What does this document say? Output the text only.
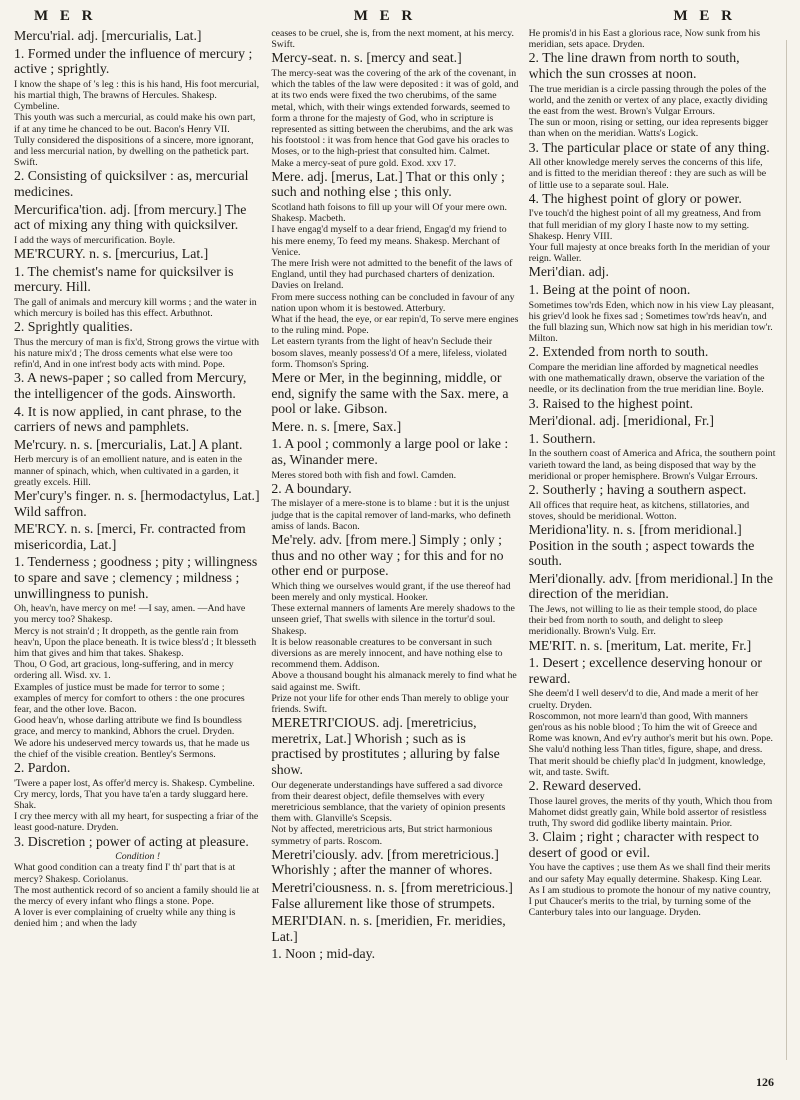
M E R	M E R	M E R
Mercu'rial. adj. [mercurialis, Lat.]
1. Formed under the influence of mercury ; active ; sprightly.
I know the shape of 's leg : this is his hand, His foot mercurial, his martial thigh, The brawns of Hercules. Shakesp. Cymbeline.
This youth was such a mercurial, as could make his own part, if at any time he chanced to be out. Bacon's Henry VII.
Tully considered the dispositions of a sincere, more ignorant, and less mercurial nation, by dwelling on the pathetick part. Swift.
2. Consisting of quicksilver : as, mercurial medicines.
Mercurifica'tion. adj. [from mercury.] The act of mixing any thing with quicksilver.
I add the ways of mercurification. Boyle.
ME'RCURY. n. s. [mercurius, Lat.]
1. The chemist's name for quicksilver is mercury. Hill.
The gall of animals and mercury kill worms ; and the water in which mercury is boiled has this effect. Arbuthnot.
2. Sprightly qualities.
Thus the mercury of man is fix'd, Strong grows the virtue with his nature mix'd ; The dross cements what else were too refin'd, And in one int'rest body acts with mind. Pope.
3. A news-paper ; so called from Mercury, the intelligencer of the gods. Ainsworth.
4. It is now applied, in cant phrase, to the carriers of news and pamphlets.
Me'rcury. n. s. [mercurialis, Lat.] A plant.
Herb mercury is of an emollient nature, and is eaten in the manner of spinach, which, when cultivated in a garden, it greatly excels. Hill.
Mer'cury's finger. n. s. [hermodactylus, Lat.] Wild saffron.
ME'RCY. n. s. [merci, Fr. contracted from misericordia, Lat.]
1. Tenderness ; goodness ; pity ; willingness to spare and save ; clemency ; mildness ; unwillingness to punish.
Oh, heav'n, have mercy on me! —I say, amen. —And have you mercy too? Shakesp.
Mercy is not strain'd ; It droppeth, as the gentle rain from heav'n, Upon the place beneath. It is twice bless'd ; It blesseth him that gives and him that takes. Shakesp.
Thou, O God, art gracious, long-suffering, and in mercy ordering all. Wisd. xv. 1.
Examples of justice must be made for terror to some ; examples of mercy for comfort to others : the one procures fear, and the other love. Bacon.
Good heav'n, whose darling attribute we find Is boundless grace, and mercy to mankind, Abhors the cruel. Dryden.
We adore his undeserved mercy towards us, that he made us the chief of the visible creation. Bentley's Sermons.
2. Pardon.
'Twere a paper lost, As offer'd mercy is. Shakesp. Cymbeline.
Cry mercy, lords, That you have ta'en a tardy sluggard here. Shak.
I cry thee mercy with all my heart, for suspecting a friar of the least good-nature. Dryden.
3. Discretion ; power of acting at pleasure.
Condition !
What good condition can a treaty find I' th' part that is at mercy? Shakesp. Coriolanus.
The most authentick record of so ancient a family should lie at the mercy of every infant who flings a stone. Pope.
A lover is ever complaining of cruelty while any thing is denied him ; and when the lady
ceases to be cruel, she is, from the next moment, at his mercy. Swift.
Mercy-seat. n. s. [mercy and seat.]
The mercy-seat was the covering of the ark of the covenant, in which the tables of the law were deposited : it was of gold, and at its two ends were fixed the two cherubims, of the same metal, which, with their wings extended forwards, seemed to form a throne for the majesty of God, who in scripture is represented as sitting between the cherubims, and the ark was his footstool : it was from hence that God gave his oracles to Moses, or to the high-priest that consulted him. Calmet.
Make a mercy-seat of pure gold. Exod. xxv 17.
Mere. adj. [merus, Lat.] That or this only ; such and nothing else ; this only.
Scotland hath foisons to fill up your will Of your mere own. Shakesp. Macbeth.
I have engag'd myself to a dear friend, Engag'd my friend to his mere enemy, To feed my means. Shakesp. Merchant of Venice.
The mere Irish were not admitted to the benefit of the laws of England, until they had purchased charters of denization. Davies on Ireland.
From mere success nothing can be concluded in favour of any nation upon whom it is bestowed. Atterbury.
What if the head, the eye, or ear repin'd, To serve mere engines to the ruling mind. Pope.
Let eastern tyrants from the light of heav'n Seclude their bosom slaves, meanly possess'd Of a mere, lifeless, violated form. Thomson's Spring.
Mere or Mer, in the beginning, middle, or end, signify the same with the Sax. mere, a pool or lake. Gibson.
Mere. n. s. [mere, Sax.]
1. A pool ; commonly a large pool or lake : as, Winander mere.
Meres stored both with fish and fowl. Camden.
2. A boundary.
The mislayer of a mere-stone is to blame : but it is the unjust judge that is the capital remover of land-marks, who defineth amiss of lands. Bacon.
Me'rely. adv. [from mere.] Simply ; only ; thus and no other way ; for this and for no other end or purpose.
Which thing we ourselves would grant, if the use thereof had been merely and only mystical. Hooker.
These external manners of laments Are merely shadows to the unseen grief, That swells with silence in the tortur'd soul. Shakesp.
It is below reasonable creatures to be conversant in such diversions as are merely innocent, and have nothing else to recommend them. Addison.
Above a thousand bought his almanack merely to find what he said against me. Swift.
Prize not your life for other ends Than merely to oblige your friends. Swift.
MERETRI'CIOUS. adj. [meretricius, meretrix, Lat.] Whorish ; such as is practised by prostitutes ; alluring by false show.
Our degenerate understandings have suffered a sad divorce from their dearest object, defile themselves with every meretricious semblance, that the variety of opinion presents them with. Glanville's Scepsis.
Not by affected, meretricious arts, But strict harmonious symmetry of parts. Roscom.
Meretri'ciously. adv. [from meretricious.] Whorishly ; after the manner of whores.
Meretri'ciousness. n. s. [from meretricious.] False allurement like those of strumpets.
MERI'DIAN. n. s. [meridien, Fr. meridies, Lat.]
1. Noon ; mid-day.
He promis'd in his East a glorious race, Now sunk from his meridian, sets apace. Dryden.
2. The line drawn from north to south, which the sun crosses at noon.
The true meridian is a circle passing through the poles of the world, and the zenith or vertex of any place, exactly dividing the east from the west. Brown's Vulgar Errours.
The sun or moon, rising or setting, our idea represents bigger than when on the meridian. Watts's Logick.
3. The particular place or state of any thing.
All other knowledge merely serves the concerns of this life, and is fitted to the meridian thereof : they are such as will be of little use to a separate soul. Hale.
4. The highest point of glory or power.
I've touch'd the highest point of all my greatness, And from that full meridian of my glory I haste now to my setting. Shakesp. Henry VIII.
Your full majesty at once breaks forth In the meridian of your reign. Waller.
Meri'dian. adj.
1. Being at the point of noon.
Sometimes tow'rds Eden, which now in his view Lay pleasant, his griev'd look he fixes sad ; Sometimes tow'rds heav'n, and the full blazing sun, Which now sat high in his meridian tow'r. Milton.
2. Extended from north to south.
Compare the meridian line afforded by magnetical needles with one mathematically drawn, observe the variation of the needle, or its declination from the true meridian line. Boyle.
3. Raised to the highest point.
Meri'dional. adj. [meridional, Fr.]
1. Southern.
In the southern coast of America and Africa, the southern point varieth toward the land, as being disposed that way by the meridional or proper hemisphere. Brown's Vulgar Errours.
2. Southerly ; having a southern aspect.
All offices that require heat, as kitchens, stillatories, and stoves, should be meridional. Wotton.
Meridiona'lity. n. s. [from meridional.] Position in the south ; aspect towards the south.
Meri'dionally. adv. [from meridional.] In the direction of the meridian.
The Jews, not willing to lie as their temple stood, do place their bed from north to south, and delight to sleep meridionally. Brown's Vulg. Err.
ME'RIT. n. s. [meritum, Lat. merite, Fr.]
1. Desert ; excellence deserving honour or reward.
She deem'd I well deserv'd to die, And made a merit of her cruelty. Dryden.
Roscommon, not more learn'd than good, With manners gen'rous as his noble blood ; To him the wit of Greece and Rome was known, And ev'ry author's merit but his own. Pope.
She valu'd nothing less Than titles, figure, shape, and dress. That merit should be chiefly plac'd In judgment, knowledge, wit, and taste. Swift.
2. Reward deserved.
Those laurel groves, the merits of thy youth, Which thou from Mahomet didst greatly gain, While bold assertor of resistless truth, Thy sword did godlike liberty maintain. Prior.
3. Claim ; right ; character with respect to desert of good or evil.
You have the captives ; use them As we shall find their merits and our safety May equally determine. Shakesp. King Lear.
As I am studious to promote the honour of my native country, I put Chaucer's merits to the trial, by turning some of the Canterbury tales into our language. Dryden.
126
